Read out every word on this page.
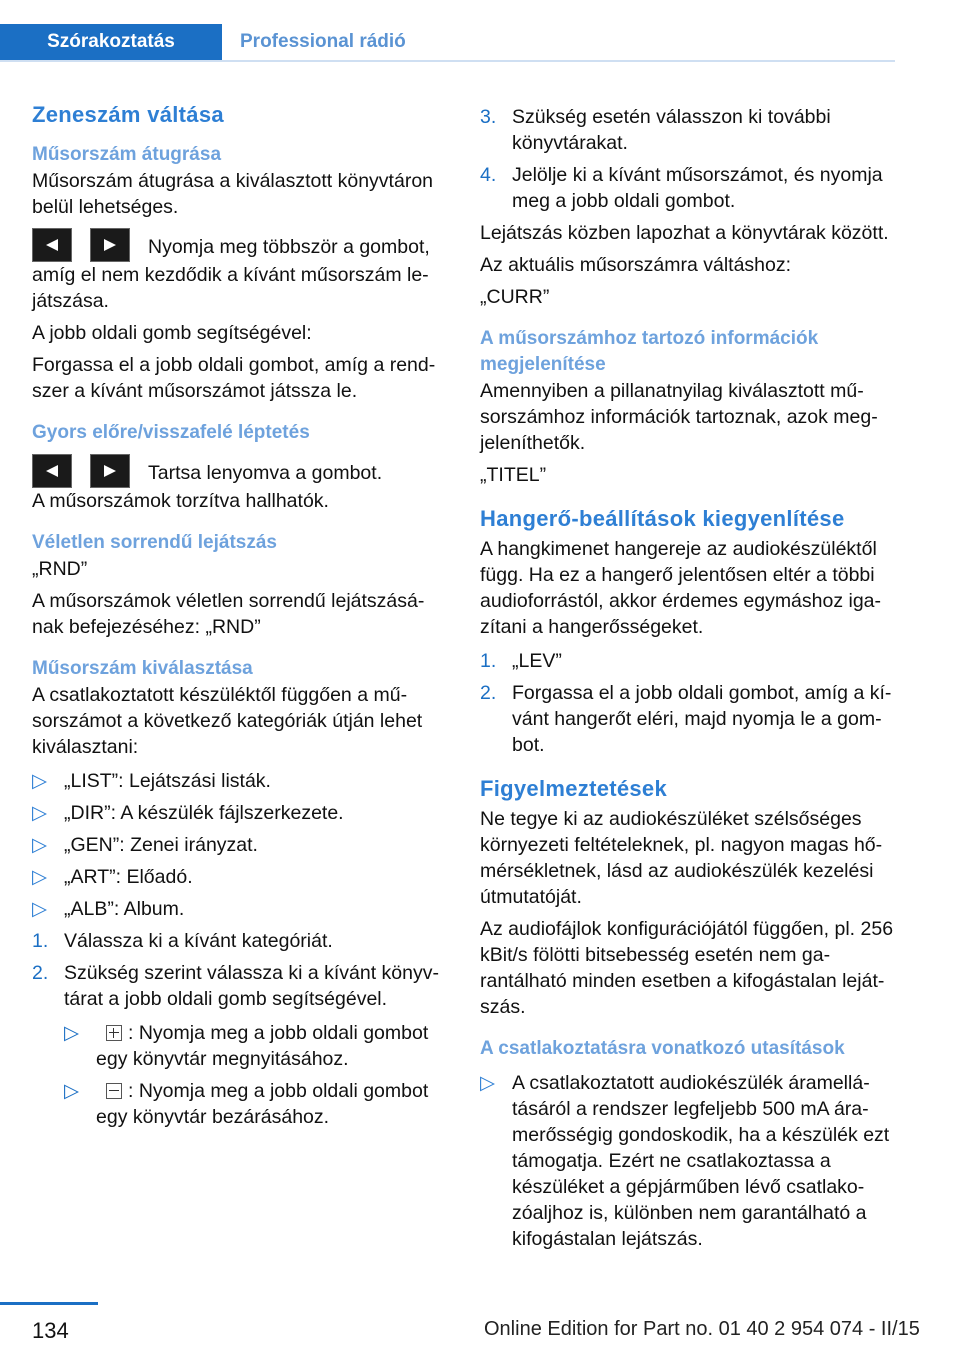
Szórakoztatás	Professional rádió
Zeneszám váltása
Műsorszám átugrása

Műsorszám átugrása a kiválasztott könyvtáron belül lehetséges.

Nyomja meg többször a gombot,

amíg el nem kezdődik a kívánt műsorszám lejátszása.

A jobb oldali gomb segítségével:

Forgassa el a jobb oldali gombot, amíg a rendszer a kívánt műsorszámot játssza le.

Gyors előre/visszafelé léptetés
Tartsa lenyomva a gombot.

A műsorszámok torzítva hallhatók.

Véletlen sorrendű lejátszás

„RND”

A műsorszámok véletlen sorrendű lejátszásának befejezéséhez: „RND”

Műsorszám kiválasztása

A csatlakoztatott készüléktől függően a műsorszámot a következő kategóriák útján lehet kiválasztani:

▷ „LIST”: Lejátszási listák.
▷ „DIR”: A készülék fájlszerkezete.
▷ „GEN”: Zenei irányzat.
▷ „ART”: Előadó.
▷ „ALB”: Album.
1. Válassza ki a kívánt kategóriát.
2. Szükség szerint válassza ki a kívánt könyvtárat a jobb oldali gomb segítségével.
▷	: Nyomja meg a jobb oldali gombot egy könyvtár megnyitásához.
▷	: Nyomja meg a jobb oldali gombot egy könyvtár bezárásához.
3. Szükség esetén válasszon ki további könyvtárakat.
4. Jelölje ki a kívánt műsorszámot, és nyomja meg a jobb oldali gombot.

Lejátszás közben lapozhat a könyvtárak között.

Az aktuális műsorszámra váltáshoz:

„CURR”

A műsorszámhoz tartozó információk megjelenítése

Amennyiben a pillanatnyilag kiválasztott műsorszámhoz információk tartoznak, azok megjeleníthetők.

„TITEL”

Hangerő-beállítások kiegyenlítése

A hangkimenet hangereje az audiokészüléktől függ. Ha ez a hangerő jelentősen eltér a többi audioforrástól, akkor érdemes egymáshoz igazítani a hangerősségeket.

1. „LEV”
2. Forgassa el a jobb oldali gombot, amíg a kívánt hangerőt eléri, majd nyomja le a gombot.
Figyelmeztetések

Ne tegye ki az audiokészüléket szélsőséges környezeti feltételeknek, pl. nagyon magas hőmérsékletnek, lásd az audiokészülék kezelési útmutatóját.

Az audiofájlok konfigurációjától függően, pl. 256 kBit/s fölötti bitsebesség esetén nem garantálható minden esetben a kifogástalan lejátszás.

A csatlakoztatásra vonatkozó utasítások
▷ A csatlakoztatott audiokészülék áramellátásáról a rendszer legfeljebb 500 mA áramerősségig gondoskodik, ha a készülék ezt támogatja. Ezért ne csatlakoztassa a készüléket a gépjárműben lévő csatlakozóaljhoz is, különben nem garantálható a kifogástalan lejátszás.
134	Online Edition for Part no. 01 40 2 954 074 - II/15
